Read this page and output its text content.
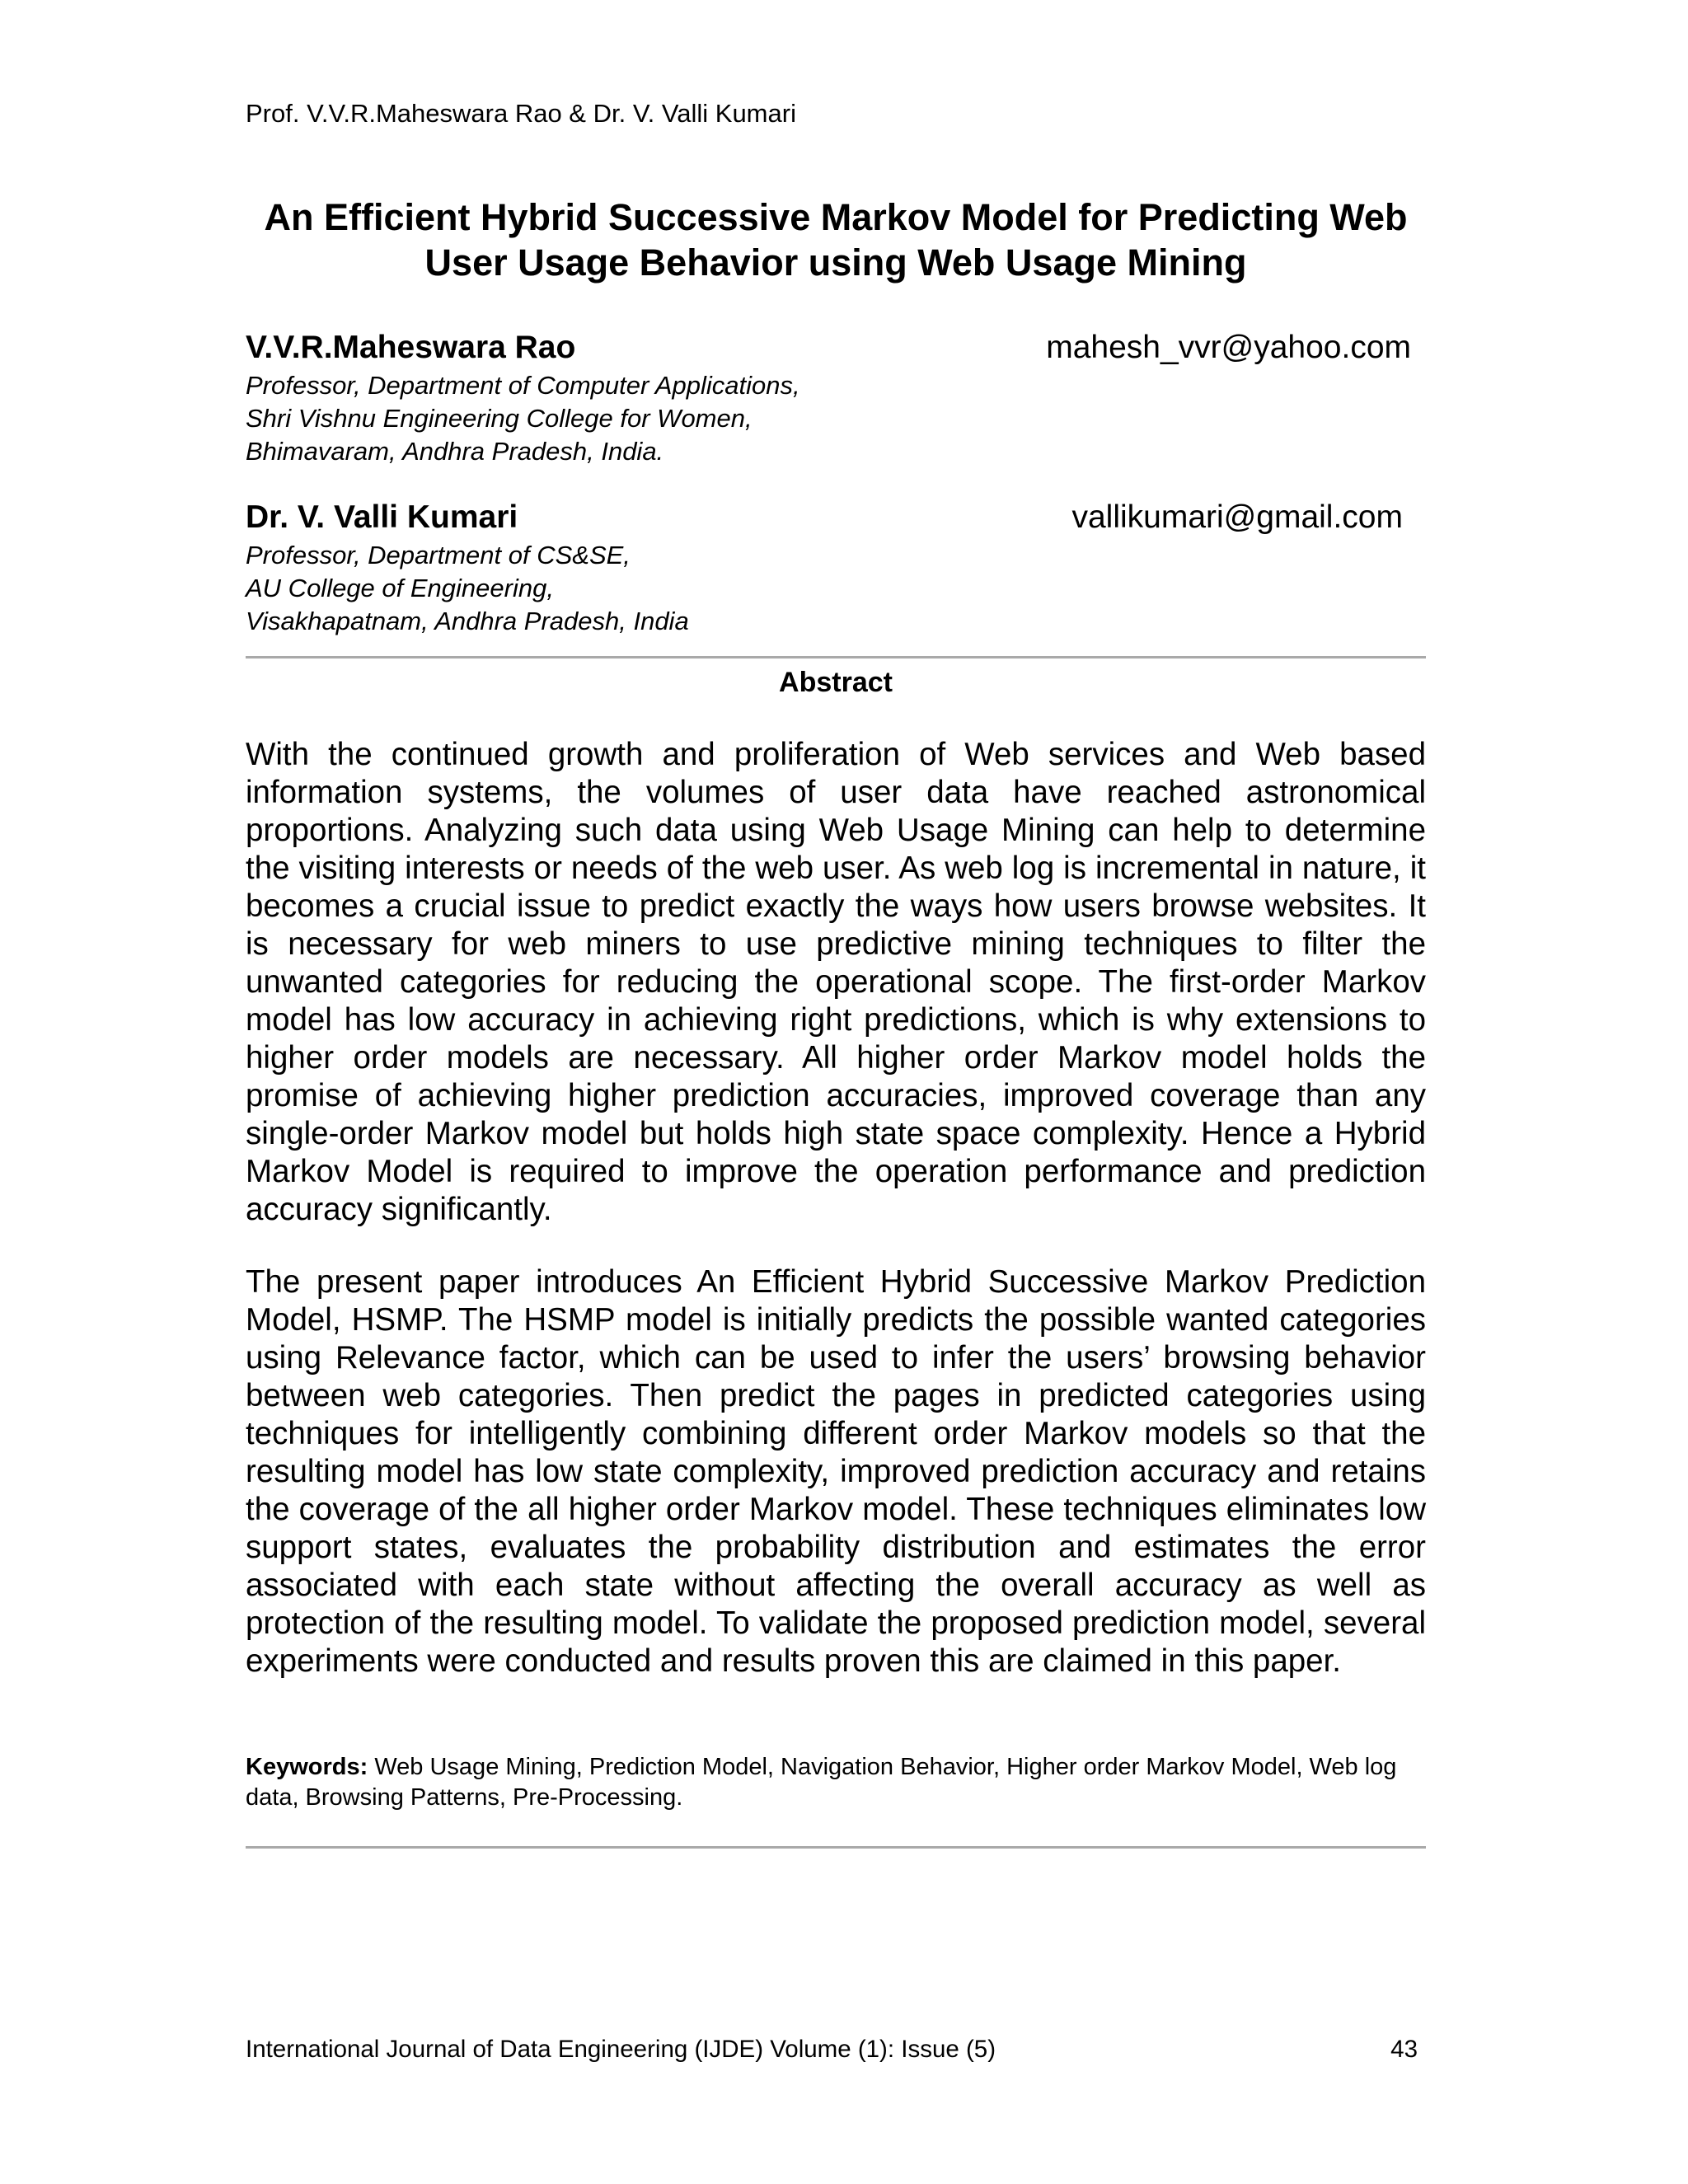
Prof. V.V.R.Maheswara Rao & Dr. V. Valli Kumari
An Efficient Hybrid Successive Markov Model for Predicting Web User Usage Behavior using Web Usage Mining
V.V.R.Maheswara Rao	mahesh_vvr@yahoo.com
Professor, Department of Computer Applications,
Shri Vishnu Engineering College for Women,
Bhimavaram, Andhra Pradesh, India.
Dr. V. Valli Kumari	vallikumari@gmail.com
Professor, Department of CS&SE,
AU College of Engineering,
Visakhapatnam, Andhra Pradesh, India
Abstract

With the continued growth and proliferation of Web services and Web based information systems, the volumes of user data have reached astronomical proportions. Analyzing such data using Web Usage Mining can help to determine the visiting interests or needs of the web user. As web log is incremental in nature, it becomes a crucial issue to predict exactly the ways how users browse websites. It is necessary for web miners to use predictive mining techniques to filter the unwanted categories for reducing the operational scope. The first-order Markov model has low accuracy in achieving right predictions, which is why extensions to higher order models are necessary. All higher order Markov model holds the promise of achieving higher prediction accuracies, improved coverage than any single-order Markov model but holds high state space complexity. Hence a Hybrid Markov Model is required to improve the operation performance and prediction accuracy significantly.

The present paper introduces An Efficient Hybrid Successive Markov Prediction Model, HSMP. The HSMP model is initially predicts the possible wanted categories using Relevance factor, which can be used to infer the users’ browsing behavior between web categories. Then predict the pages in predicted categories using techniques for intelligently combining different order Markov models so that the resulting model has low state complexity, improved prediction accuracy and retains the coverage of the all higher order Markov model. These techniques eliminates low support states, evaluates the probability distribution and estimates the error associated with each state without affecting the overall accuracy as well as protection of the resulting model. To validate the proposed prediction model, several experiments were conducted and results proven this are claimed in this paper.

Keywords: Web Usage Mining, Prediction Model, Navigation Behavior, Higher order Markov Model, Web log data, Browsing Patterns, Pre-Processing.
International Journal of Data Engineering (IJDE) Volume (1): Issue (5)	43
